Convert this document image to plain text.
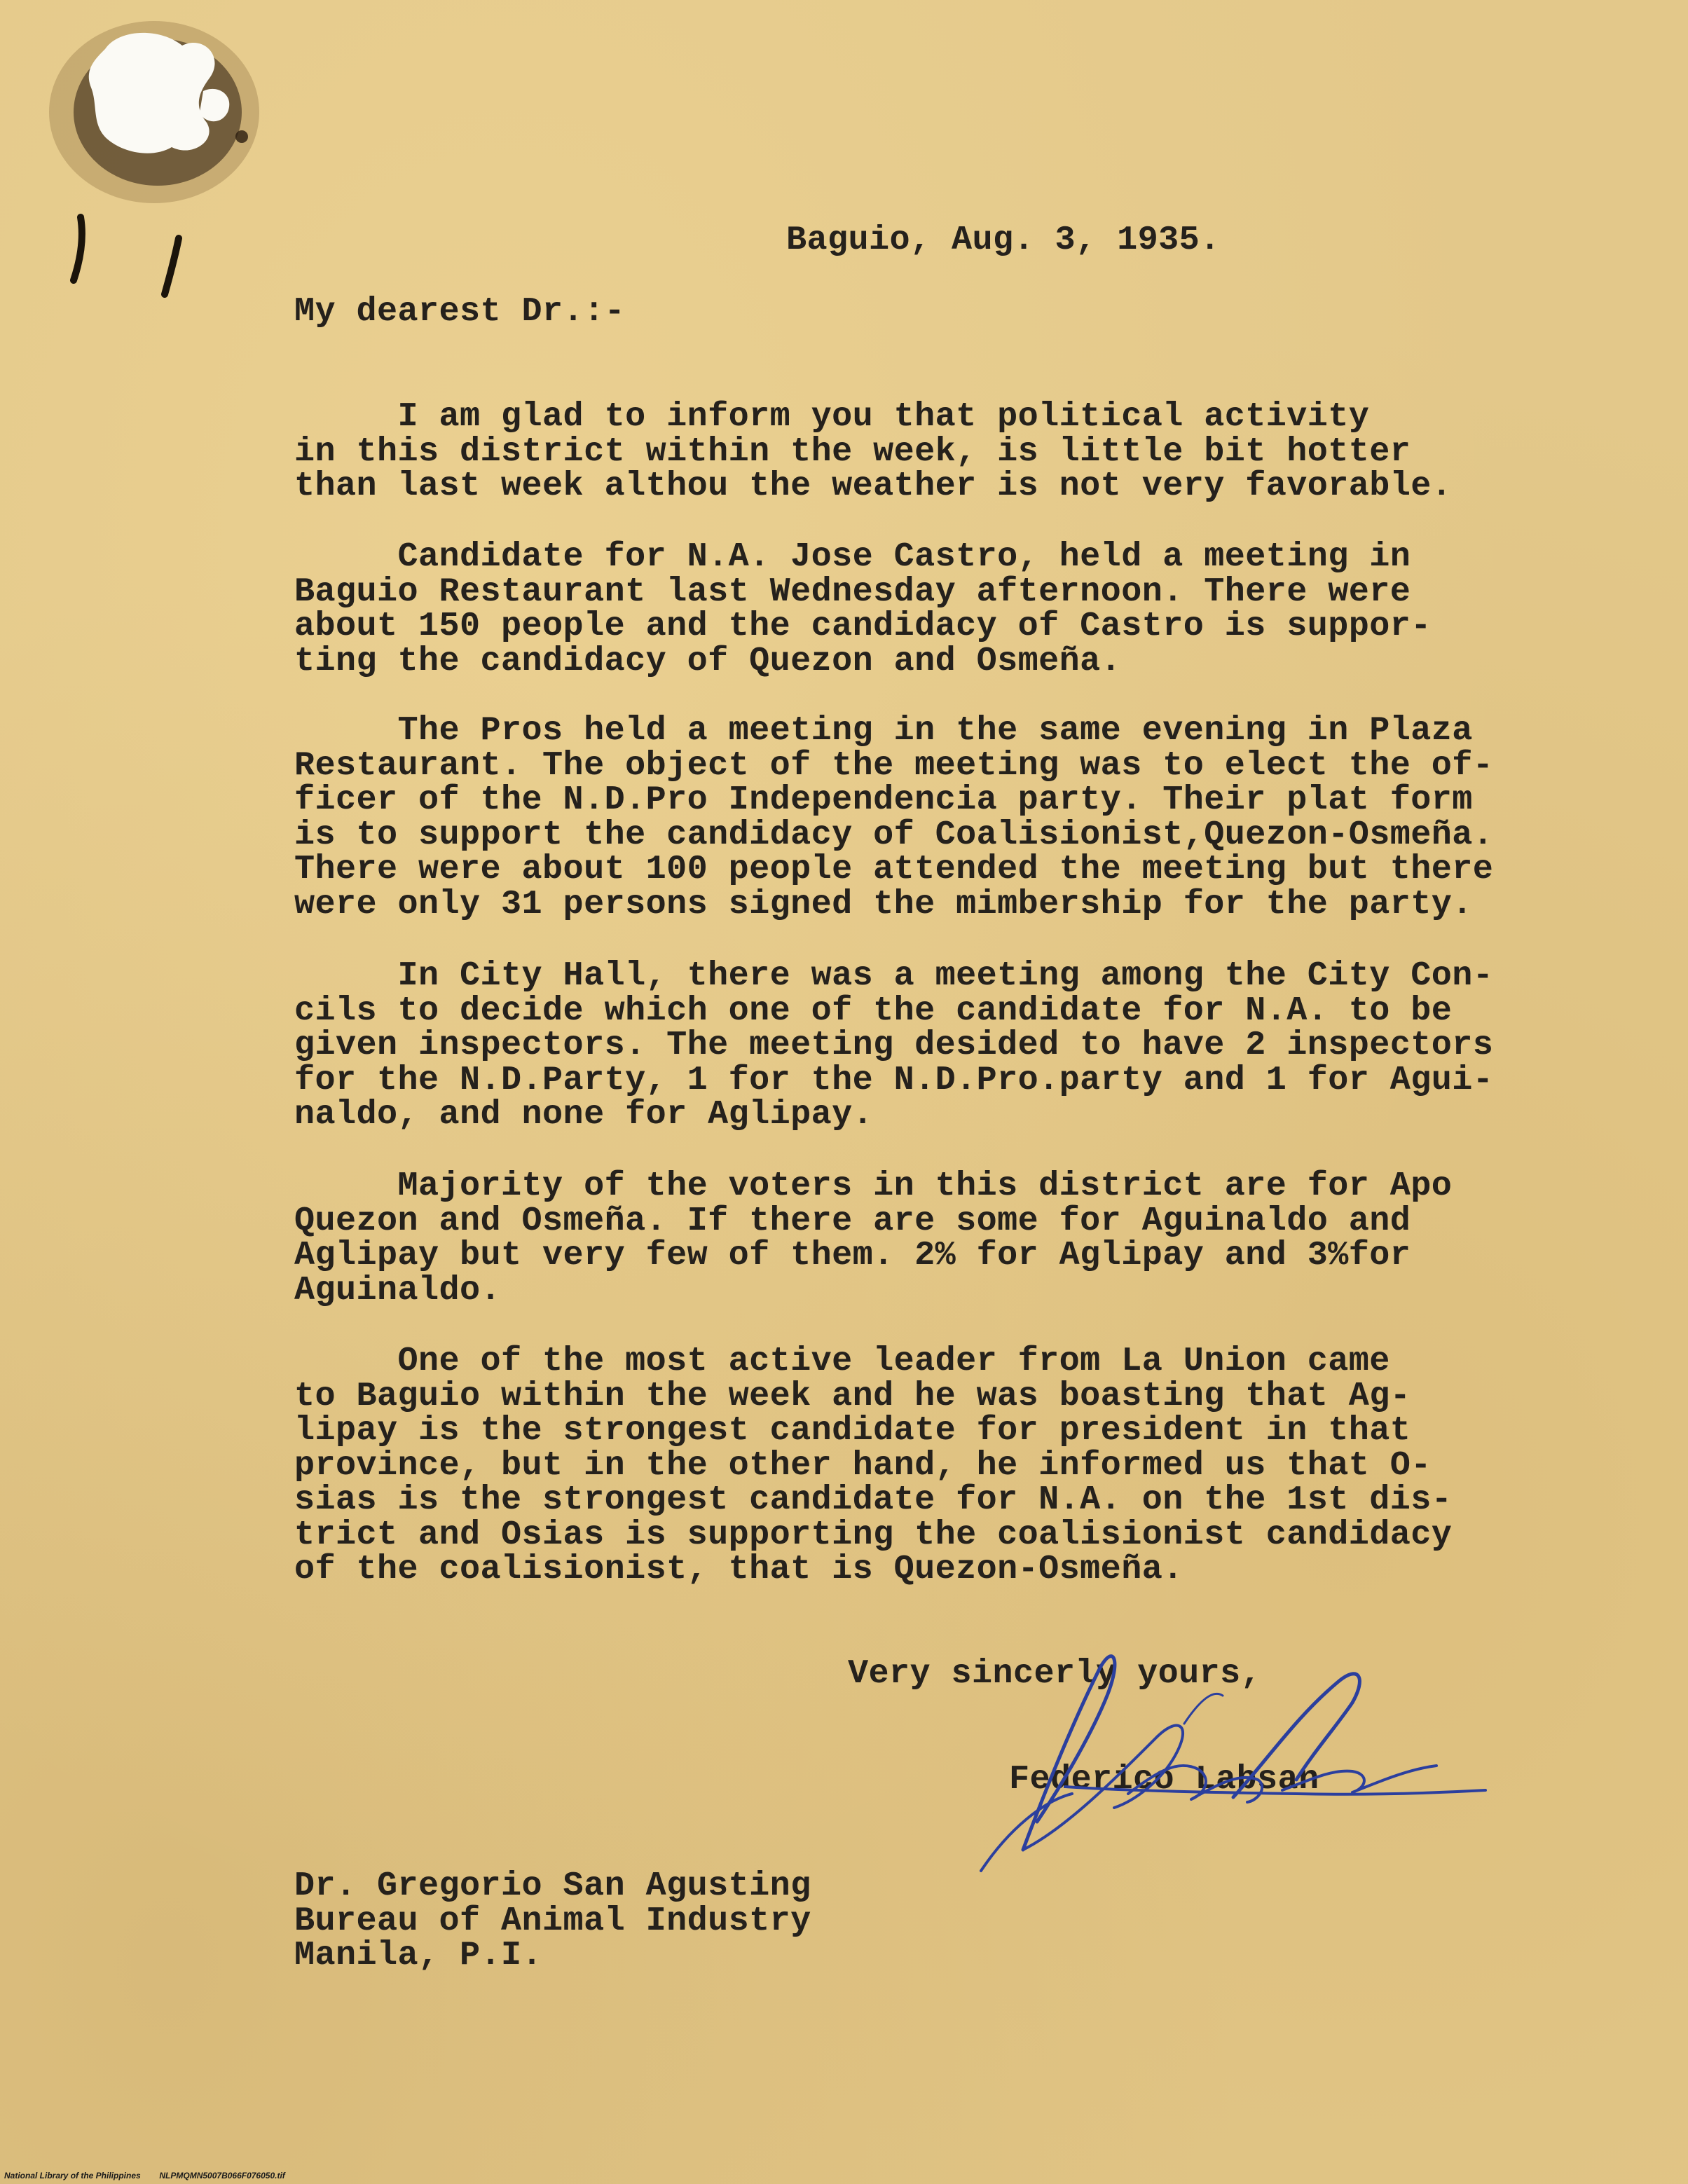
Baguio, Aug. 3, 1935.
My dearest Dr.:-
I am glad to inform you that political activity
in this district within the week, is little bit hotter
than last week althou the weather is not very favorable.
Candidate for N.A. Jose Castro, held a meeting in
Baguio Restaurant last Wednesday afternoon. There were
about 150 people and the candidacy of Castro is suppor-
ting the candidacy of Quezon and Osmeña.
The Pros held a meeting in the same evening in Plaza
Restaurant. The object of the meeting was to elect the of-
ficer of the N.D.Pro Independencia party. Their plat form
is to support the candidacy of Coalisionist,Quezon-Osmeña.
There were about 100 people attended the meeting but there
were only 31 persons signed the mimbership for the party.
In City Hall, there was a meeting among the City Con-
cils to decide which one of the candidate for N.A. to be
given inspectors. The meeting desided to have 2 inspectors
for the N.D.Party, 1 for the N.D.Pro.party and 1 for Agui-
naldo, and none for Aglipay.
Majority of the voters in this district are for Apo
Quezon and Osmeña. If there are some for Aguinaldo and
Aglipay but very few of them. 2% for Aglipay and 3%for
Aguinaldo.
One of the most active leader from La Union came
to Baguio within the week and he was boasting that Ag-
lipay is the strongest candidate for president in that
province, but in the other hand, he informed us that O-
sias is the strongest candidate for N.A. on the 1st dis-
trict and Osias is supporting the coalisionist candidacy
of the coalisionist, that is Quezon-Osmeña.
Very sincerly yours,
Federico Labsan
Dr. Gregorio San Agusting
Bureau of Animal Industry
Manila, P.I.
National Library of the Philippines NLPMQMN5007B066F076050.tif
